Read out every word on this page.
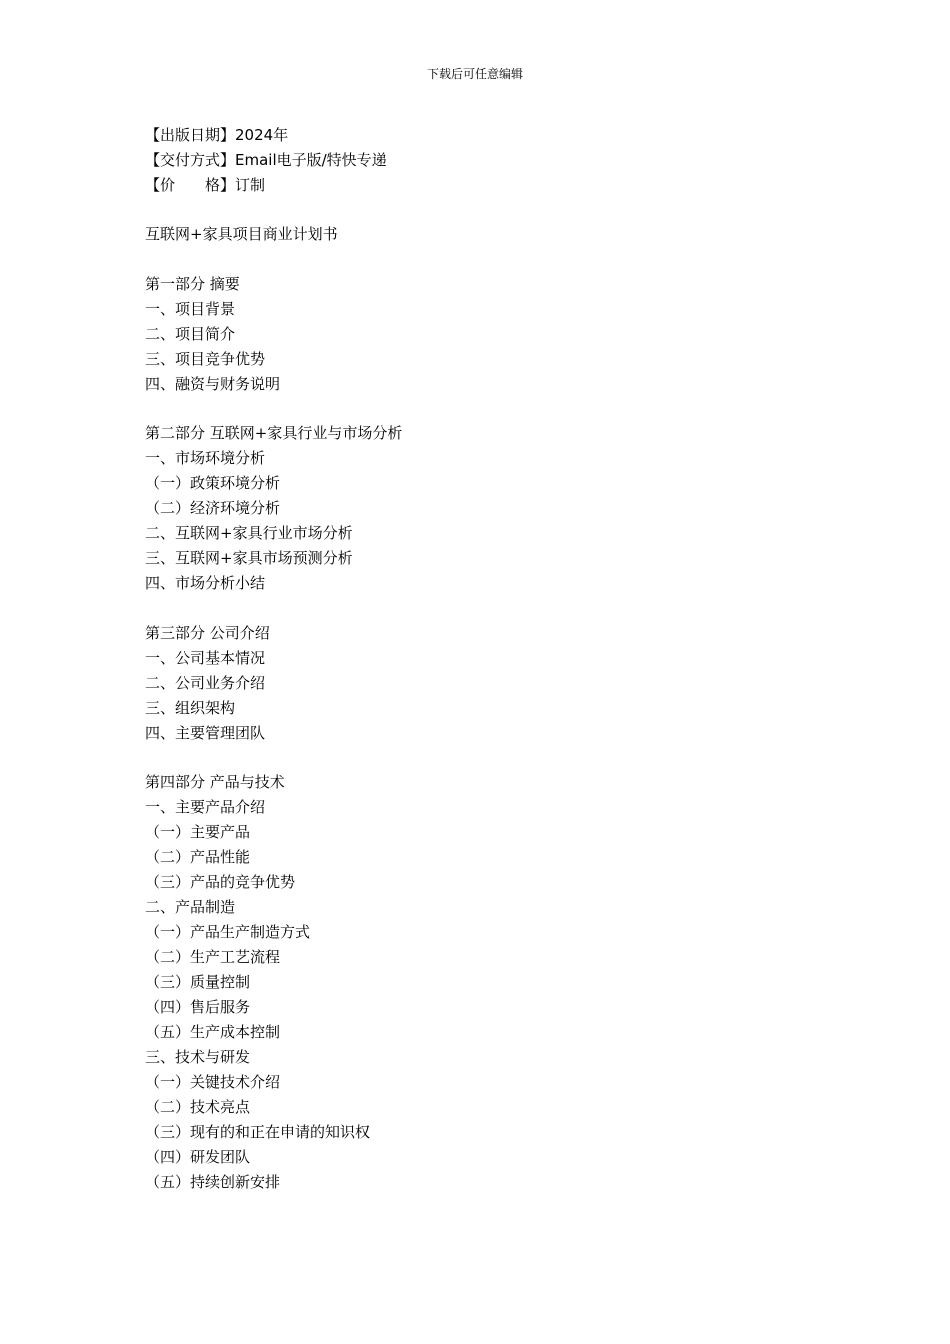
下载后可任意编辑
【出版日期】2024年
【交付方式】Email电子版/特快专递
【价　　格】订制
互联网+家具项目商业计划书
第一部分 摘要
一、项目背景
二、项目简介
三、项目竞争优势
四、融资与财务说明
第二部分 互联网+家具行业与市场分析
一、市场环境分析
（一）政策环境分析
（二）经济环境分析
二、互联网+家具行业市场分析
三、互联网+家具市场预测分析
四、市场分析小结
第三部分 公司介绍
一、公司基本情况
二、公司业务介绍
三、组织架构
四、主要管理团队
第四部分 产品与技术
一、主要产品介绍
（一）主要产品
（二）产品性能
（三）产品的竞争优势
二、产品制造
（一）产品生产制造方式
（二）生产工艺流程
（三）质量控制
（四）售后服务
（五）生产成本控制
三、技术与研发
（一）关键技术介绍
（二）技术亮点
（三）现有的和正在申请的知识权
（四）研发团队
（五）持续创新安排
